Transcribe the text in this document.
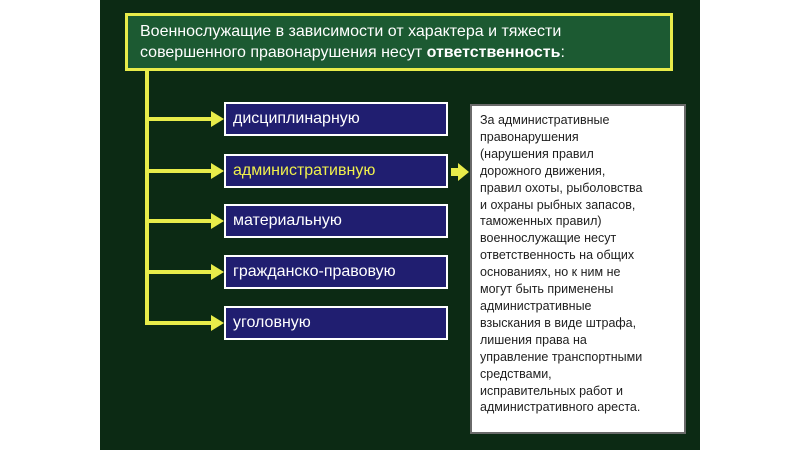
Военнослужащие в зависимости от характера и тяжести
совершенного правонарушения несут ответственность:
дисциплинарную
административную
материальную
гражданско-правовую
уголовную
За административные
правонарушения
(нарушения правил
дорожного движения,
правил охоты, рыболовства
и охраны рыбных запасов,
таможенных правил)
военнослужащие несут
ответственность на общих
основаниях, но к ним не
могут быть применены
административные
взыскания в виде штрафа,
лишения права на
управление транспортными
средствами,
исправительных работ и
административного ареста.
